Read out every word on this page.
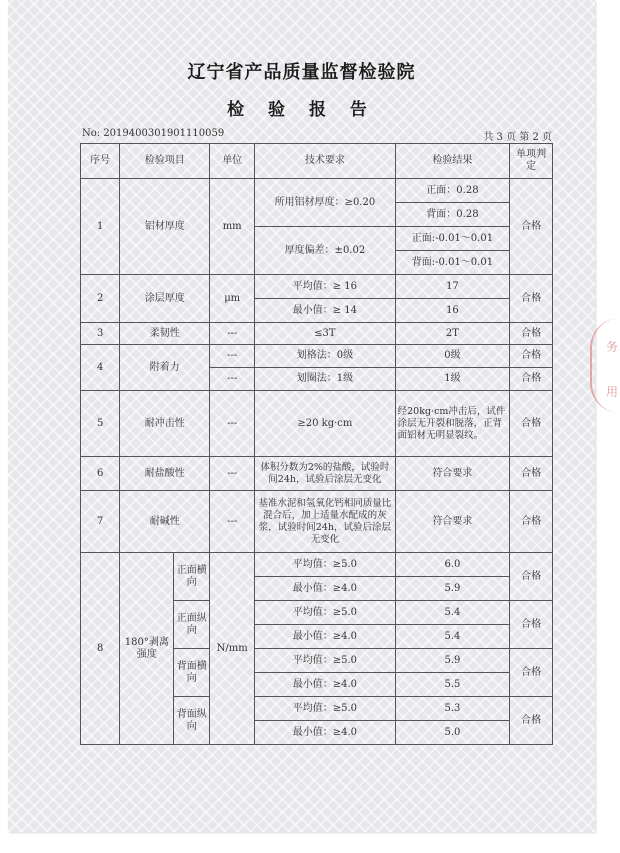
辽宁省产品质量监督检验院
检 验 报 告
No: 2019400301901110059	共 3 页 第 2 页
序号	检验项目		单位	技术要求	检验结果	单项判定
1	铝材厚度		mm	所用铝材厚度：≥0.20	正面：0.28	合格
					背面：0.28	
				厚度偏差：±0.02	正面:-0.01～0.01	
					背面:-0.01～0.01	
2	涂层厚度		μm	平均值：≥ 16	17	合格
				最小值：≥ 14	16	
3	柔韧性		---	≤3T	2T	合格
4	附着力		---	划格法：0级	0级	合格
			---	划圈法：1级	1级	合格
5	耐冲击性		---	≥20 kg·cm	经20kg·cm冲击后，试件涂层无开裂和脱落，正背面铝材无明显裂纹。	合格
6	耐盐酸性		---	体积分数为2%的盐酸，试验时间24h，试验后涂层无变化	符合要求	合格
7	耐碱性		---	基准水泥和氢氧化钙相同质量比混合后，加上适量水配成的灰浆，试验时间24h，试验后涂层无变化	符合要求	合格
8	180°剥离强度	正面横向	N/mm	平均值：≥5.0	6.0	合格
				最小值：≥4.0	5.9	
		正面纵向		平均值：≥5.0	5.4	合格
				最小值：≥4.0	5.4	
		背面横向		平均值：≥5.0	5.9	合格
				最小值：≥4.0	5.5	
		背面纵向		平均值：≥5.0	5.3	合格
				最小值：≥4.0	5.0	
务
用
